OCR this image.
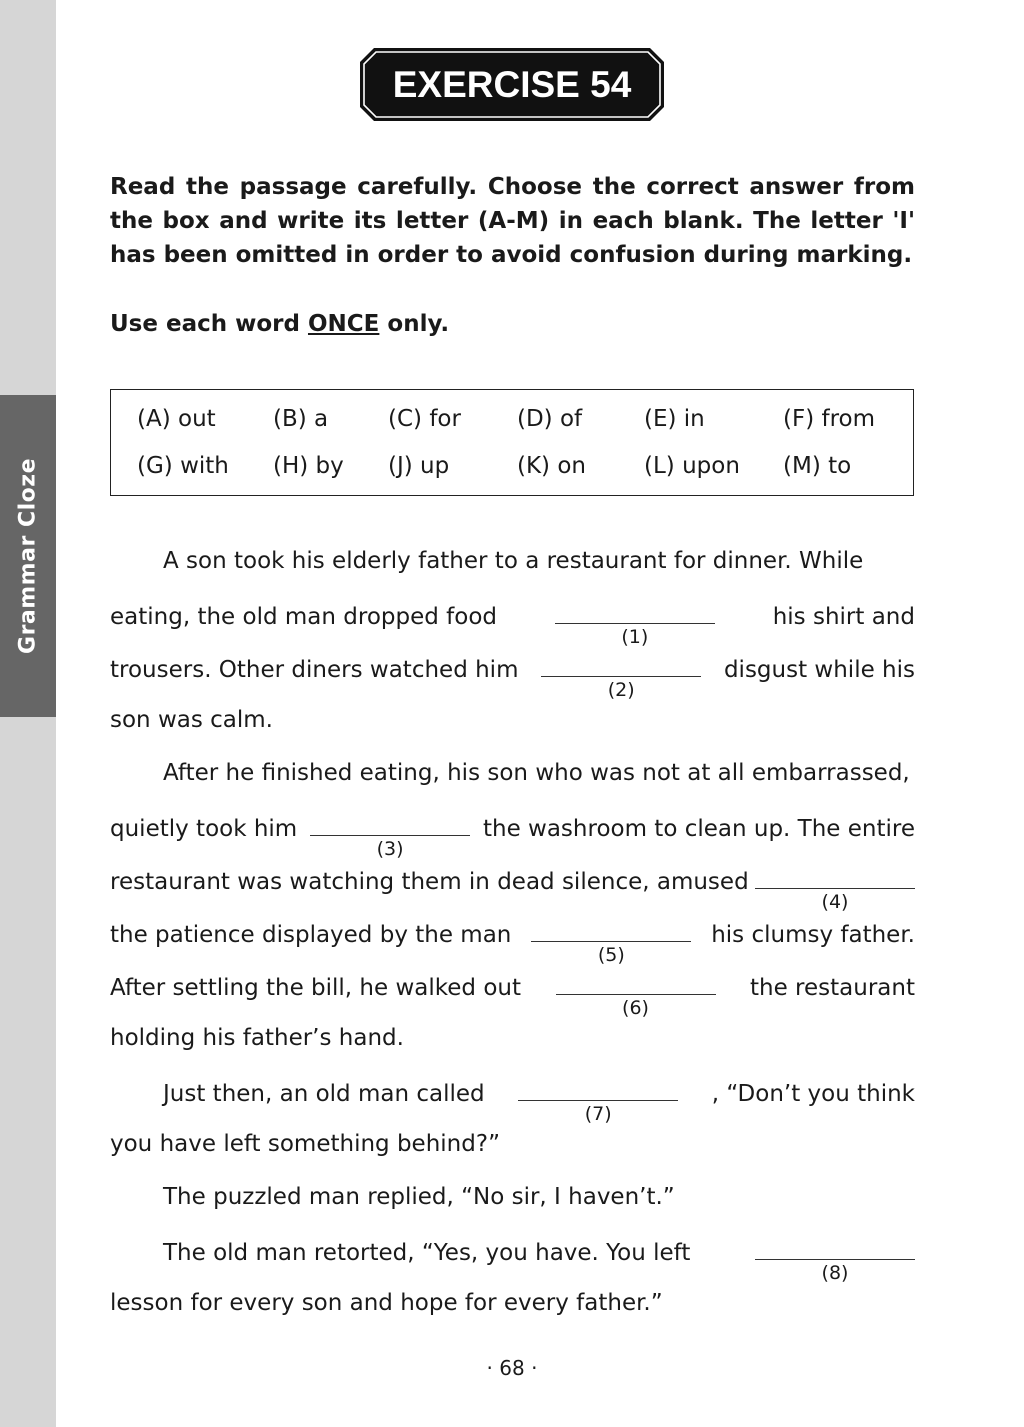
Grammar Cloze
EXERCISE 54
Read the passage carefully. Choose the correct answer from the box and write its letter (A-M) in each blank. The letter 'I' has been omitted in order to avoid confusion during marking.
Use each word ONCE only.
(A) out (B) a	(C) for (D) of	(E) in	(F) from
(G) with (H) by (J) up	(K) on	(L) upon (M) to
A son took his elderly father to a restaurant for dinner. While
eating, the old man dropped food
(1)
his shirt and
trousers. Other diners watched him
(2)
disgust while his
son was calm.
After he finished eating, his son who was not at all embarrassed,
quietly took him
(3)
the washroom to clean up. The entire
restaurant was watching them in dead silence, amused
(4)
the patience displayed by the man
(5)
his clumsy father.
After settling the bill, he walked out
(6)
the restaurant
holding his father’s hand.
Just then, an old man called
(7)
, “Don’t you think
you have left something behind?”
The puzzled man replied, “No sir, I haven’t.”
The old man retorted, “Yes, you have. You left
(8)
lesson for every son and hope for every father.”
· 68 ·
